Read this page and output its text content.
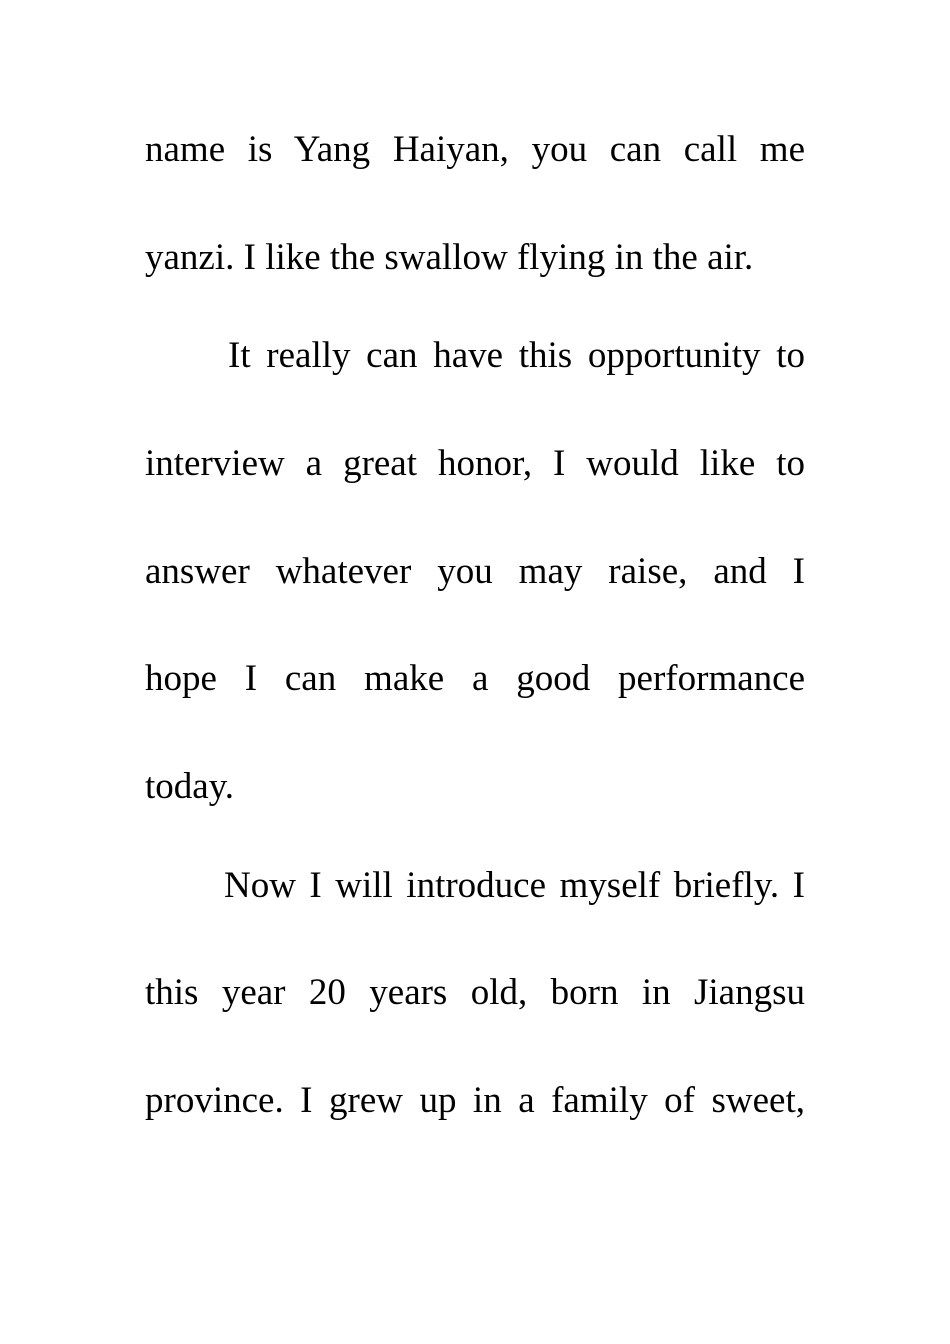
name is Yang Haiyan, you can call me
yanzi. I like the swallow flying in the air.
It really can have this opportunity to
interview a great honor, I would like to
answer whatever you may raise, and I
hope I can make a good performance
today.
Now I will introduce myself briefly. I
this year 20 years old, born in Jiangsu
province. I grew up in a family of sweet,
